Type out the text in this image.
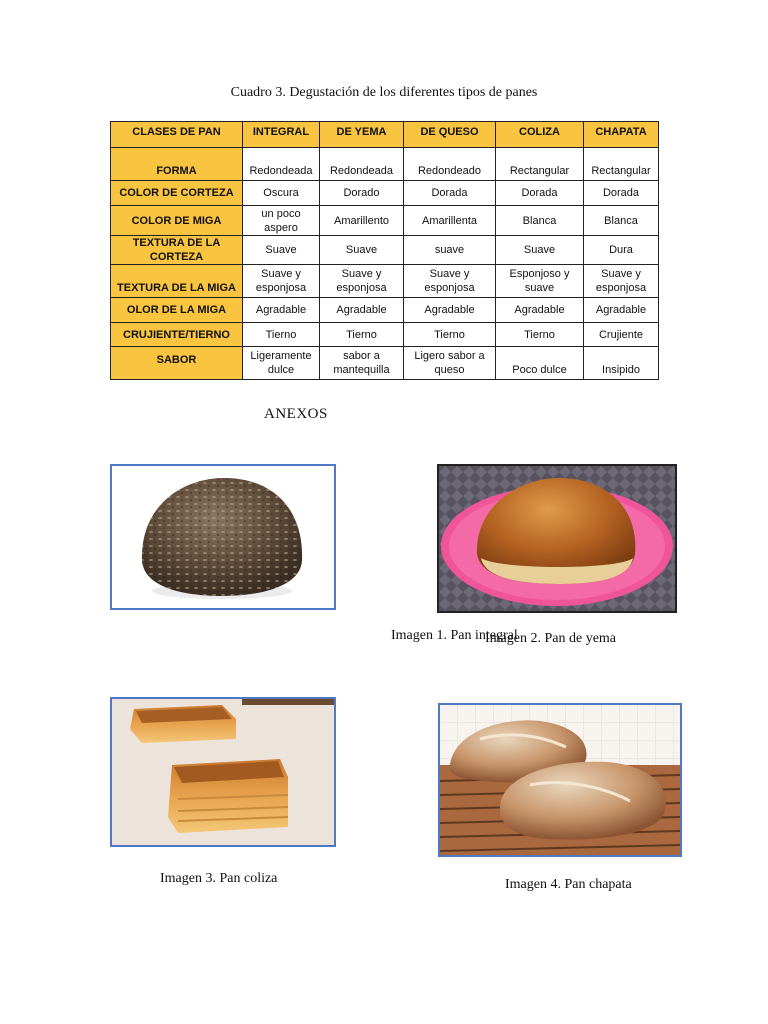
Cuadro 3. Degustación de los diferentes tipos de panes
CLASES DE PAN	INTEGRAL	DE YEMA	DE QUESO	COLIZA	CHAPATA
FORMA	Redondeada	Redondeada	Redondeado	Rectangular	Rectangular
COLOR DE CORTEZA	Oscura	Dorado	Dorada	Dorada	Dorada
COLOR DE MIGA	un poco aspero	Amarillento	Amarillenta	Blanca	Blanca
TEXTURA DE LA CORTEZA	Suave	Suave	suave	Suave	Dura
TEXTURA DE LA MIGA	Suave y esponjosa	Suave y esponjosa	Suave y esponjosa	Esponjoso y suave	Suave y esponjosa
OLOR DE LA MIGA	Agradable	Agradable	Agradable	Agradable	Agradable
CRUJIENTE/TIERNO	Tierno	Tierno	Tierno	Tierno	Crujiente
SABOR	Ligeramente dulce	sabor a mantequilla	Ligero sabor a queso	Poco dulce	Insipido
ANEXOS
Imagen 1. Pan integral
Imagen 2. Pan de yema
Imagen 3. Pan coliza	Imagen 4. Pan chapata
